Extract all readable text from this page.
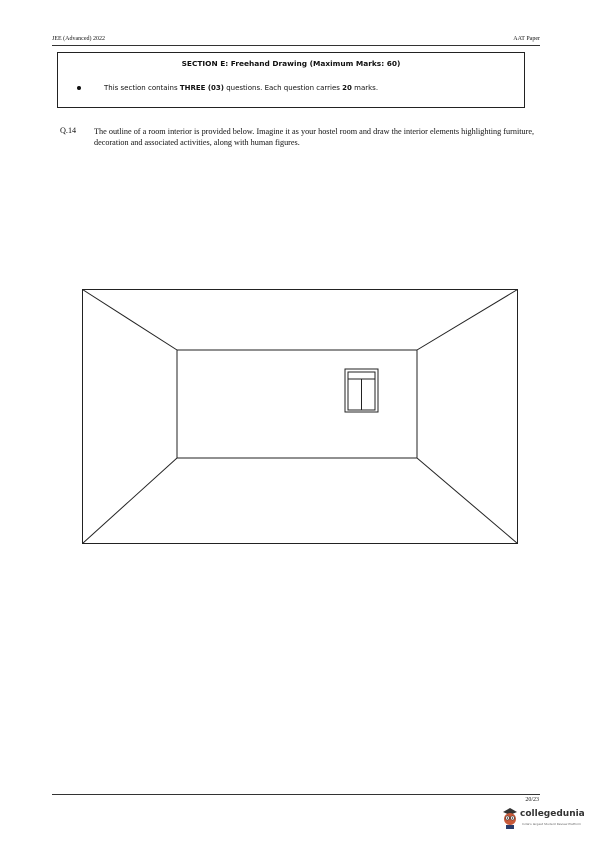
JEE (Advanced) 2022	AAT Paper
SECTION E: Freehand Drawing (Maximum Marks: 60)
This section contains THREE (03) questions. Each question carries 20 marks.
Q.14 The outline of a room interior is provided below. Imagine it as your hostel room and draw the interior elements highlighting furniture, decoration and associated activities, along with human figures.
20/23
collegedunia
India's largest Student Review Platform
